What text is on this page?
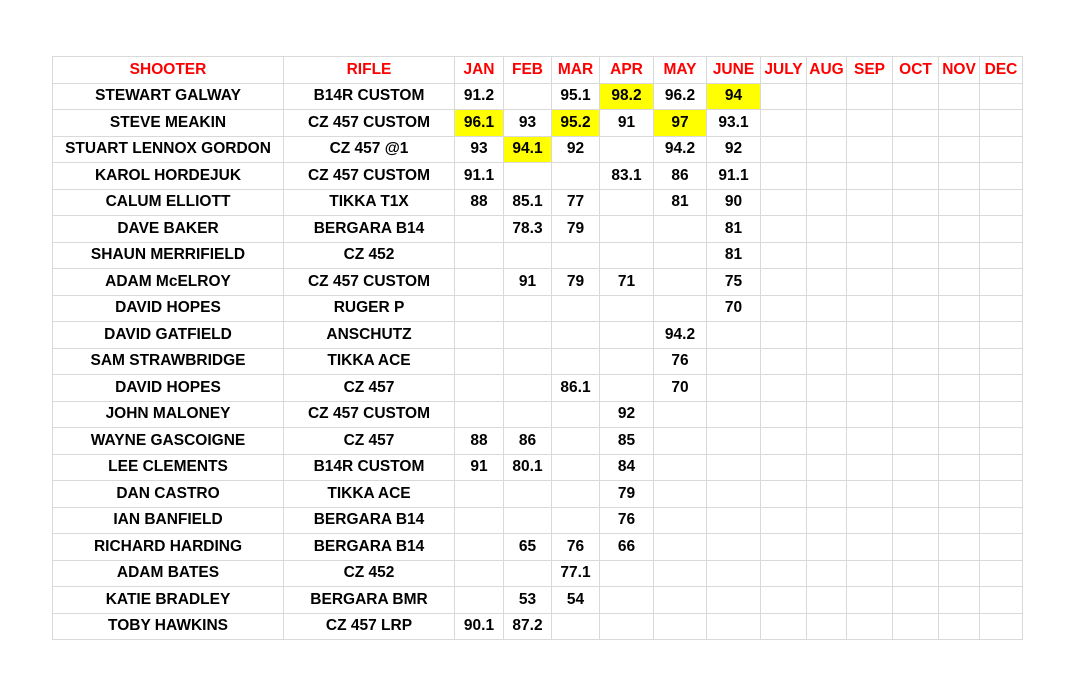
SHOOTER	RIFLE	JAN	FEB	MAR	APR	MAY	JUNE	JULY	AUG	SEP	OCT	NOV	DEC
STEWART GALWAY	B14R CUSTOM	91.2		95.1	98.2	96.2	94						
STEVE MEAKIN	CZ 457 CUSTOM	96.1	93	95.2	91	97	93.1						
STUART LENNOX GORDON	CZ 457 @1	93	94.1	92		94.2	92						
KAROL HORDEJUK	CZ 457 CUSTOM	91.1			83.1	86	91.1						
CALUM ELLIOTT	TIKKA T1X	88	85.1	77		81	90						
DAVE BAKER	BERGARA B14		78.3	79			81						
SHAUN MERRIFIELD	CZ 452						81						
ADAM McELROY	CZ 457 CUSTOM		91	79	71		75						
DAVID HOPES	RUGER P						70						
DAVID GATFIELD	ANSCHUTZ					94.2							
SAM STRAWBRIDGE	TIKKA ACE					76							
DAVID HOPES	CZ 457			86.1		70							
JOHN MALONEY	CZ 457 CUSTOM				92								
WAYNE GASCOIGNE	CZ 457	88	86		85								
LEE CLEMENTS	B14R CUSTOM	91	80.1		84								
DAN CASTRO	TIKKA ACE				79								
IAN BANFIELD	BERGARA B14				76								
RICHARD HARDING	BERGARA B14		65	76	66								
ADAM BATES	CZ 452			77.1									
KATIE BRADLEY	BERGARA BMR		53	54									
TOBY HAWKINS	CZ 457 LRP	90.1	87.2										
